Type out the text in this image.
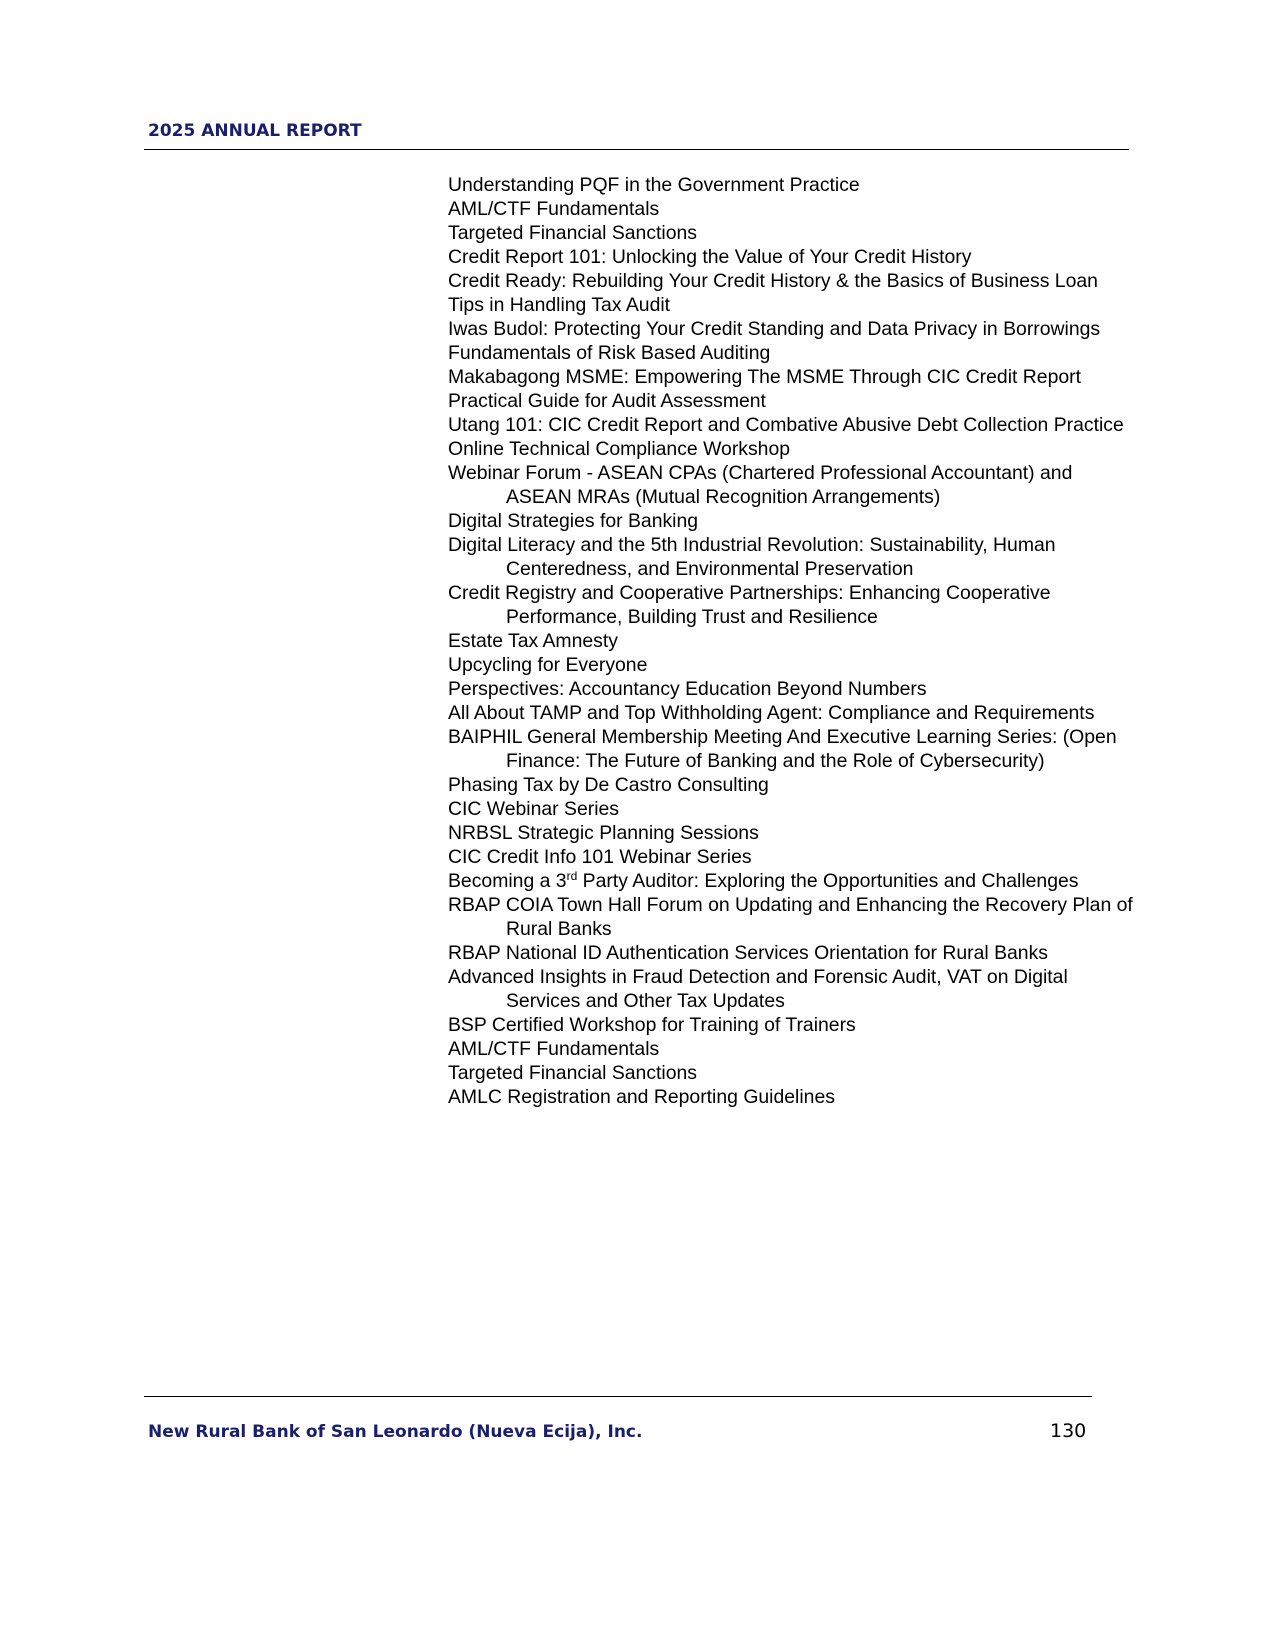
2025 ANNUAL REPORT
Understanding PQF in the Government Practice
AML/CTF Fundamentals
Targeted Financial Sanctions
Credit Report 101: Unlocking the Value of Your Credit History
Credit Ready: Rebuilding Your Credit History & the Basics of Business Loan
Tips in Handling Tax Audit
Iwas Budol: Protecting Your Credit Standing and Data Privacy in Borrowings
Fundamentals of Risk Based Auditing
Makabagong MSME: Empowering The MSME Through CIC Credit Report
Practical Guide for Audit Assessment
Utang 101: CIC Credit Report and Combative Abusive Debt Collection Practice
Online Technical Compliance Workshop
Webinar Forum - ASEAN CPAs (Chartered Professional Accountant) and ASEAN MRAs (Mutual Recognition Arrangements)
Digital Strategies for Banking
Digital Literacy and the 5th Industrial Revolution: Sustainability, Human Centeredness, and Environmental Preservation
Credit Registry and Cooperative Partnerships: Enhancing Cooperative Performance, Building Trust and Resilience
Estate Tax Amnesty
Upcycling for Everyone
Perspectives: Accountancy Education Beyond Numbers
All About TAMP and Top Withholding Agent: Compliance and Requirements
BAIPHIL General Membership Meeting And Executive Learning Series: (Open Finance: The Future of Banking and the Role of Cybersecurity)
Phasing Tax by De Castro Consulting
CIC Webinar Series
NRBSL Strategic Planning Sessions
CIC Credit Info 101 Webinar Series
Becoming a 3rd Party Auditor: Exploring the Opportunities and Challenges
RBAP COIA Town Hall Forum on Updating and Enhancing the Recovery Plan of Rural Banks
RBAP National ID Authentication Services Orientation for Rural Banks
Advanced Insights in Fraud Detection and Forensic Audit, VAT on Digital Services and Other Tax Updates
BSP Certified Workshop for Training of Trainers
AML/CTF Fundamentals
Targeted Financial Sanctions
AMLC Registration and Reporting Guidelines
New Rural Bank of San Leonardo (Nueva Ecija), Inc.	130
